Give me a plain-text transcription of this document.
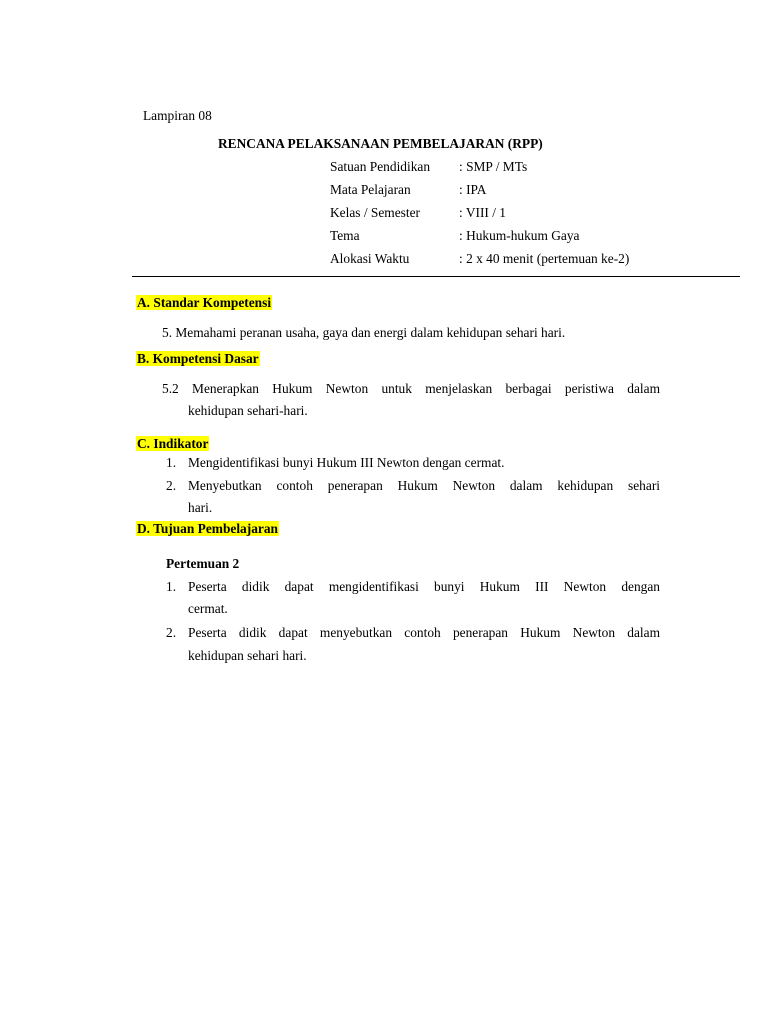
Lampiran 08
RENCANA PELAKSANAAN PEMBELAJARAN (RPP)
Satuan Pendidikan : SMP / MTs
Mata Pelajaran	: IPA
Kelas / Semester	: VIII / 1
Tema	: Hukum-hukum Gaya
Alokasi Waktu	: 2 x 40 menit (pertemuan ke-2)
A. Standar Kompetensi
5. Memahami peranan usaha, gaya dan energi dalam kehidupan sehari hari.
B. Kompetensi Dasar
5.2 Menerapkan Hukum Newton untuk menjelaskan berbagai peristiwa dalam
kehidupan sehari-hari.
C. Indikator
1. Mengidentifikasi bunyi Hukum III Newton dengan cermat.
2. Menyebutkan contoh penerapan Hukum Newton dalam kehidupan sehari
hari.
D. Tujuan Pembelajaran
Pertemuan 2
1. Peserta didik dapat mengidentifikasi bunyi Hukum III Newton dengan
cermat.
2. Peserta didik dapat menyebutkan contoh penerapan Hukum Newton dalam
kehidupan sehari hari.
